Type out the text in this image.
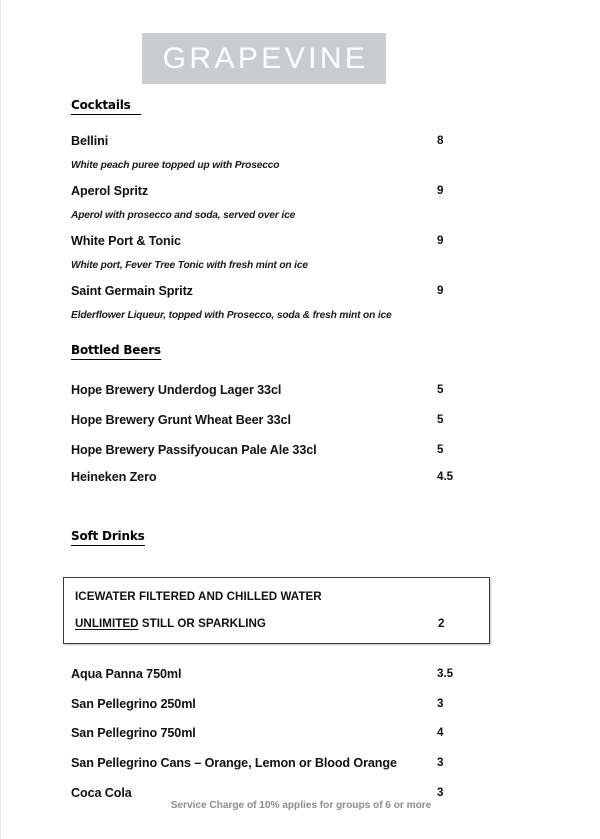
GRAPEVINE
Cocktails
Bellini	8
White peach puree topped up with Prosecco
Aperol Spritz	9
Aperol with prosecco and soda, served over ice
White Port & Tonic	9
White port, Fever Tree Tonic with fresh mint on ice
Saint Germain Spritz	9
Elderflower Liqueur, topped with Prosecco, soda & fresh mint on ice
Bottled Beers
Hope Brewery Underdog Lager 33cl	5
Hope Brewery Grunt Wheat Beer 33cl	5
Hope Brewery Passifyoucan Pale Ale 33cl	5
Heineken Zero	4.5
Soft Drinks
ICEWATER FILTERED AND CHILLED WATER
UNLIMITED STILL OR SPARKLING	2
Aqua Panna 750ml	3.5
San Pellegrino 250ml	3
San Pellegrino 750ml	4
San Pellegrino Cans – Orange, Lemon or Blood Orange	3
Coca Cola	3
Service Charge of 10% applies for groups of 6 or more
